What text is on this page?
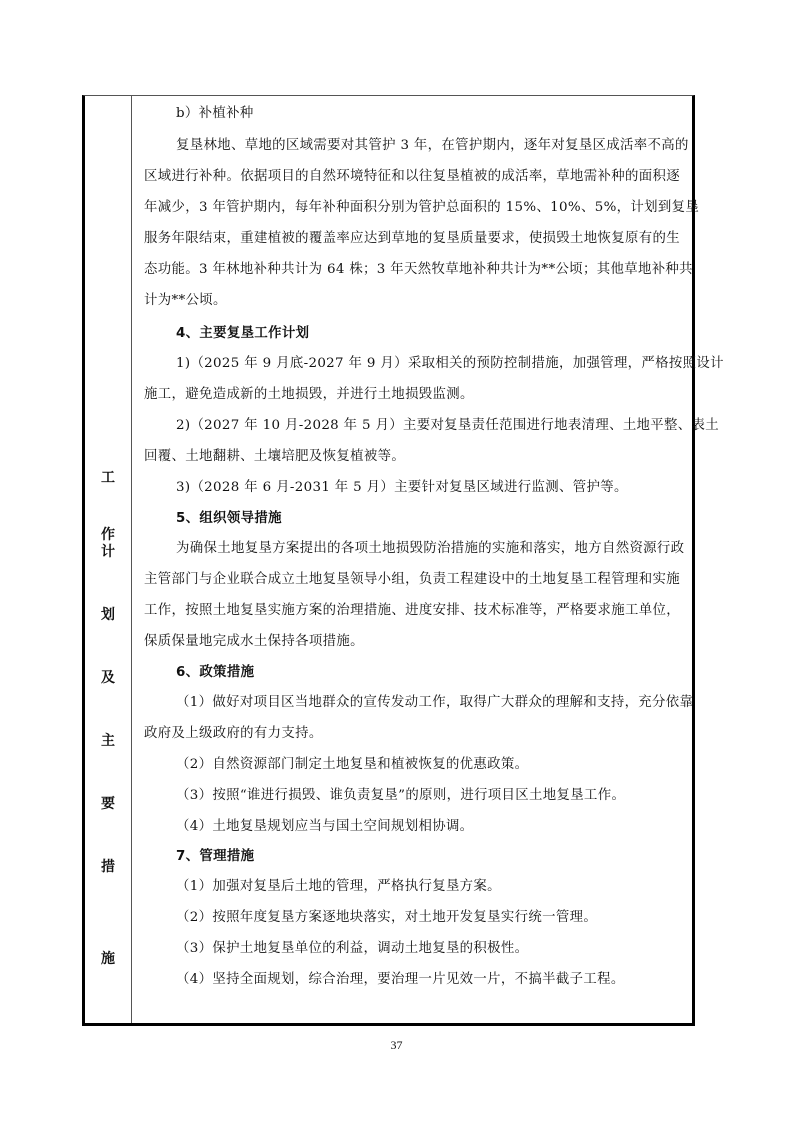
工
作
计
划
及
主
要
措
施
b）补植补种
复垦林地、草地的区域需要对其管护 3 年，在管护期内，逐年对复垦区成活率不高的
区域进行补种。依据项目的自然环境特征和以往复垦植被的成活率，草地需补种的面积逐
年减少，3 年管护期内，每年补种面积分别为管护总面积的 15%、10%、5%，计划到复垦
服务年限结束，重建植被的覆盖率应达到草地的复垦质量要求，使损毁土地恢复原有的生
态功能。3 年林地补种共计为 64 株；3 年天然牧草地补种共计为**公顷；其他草地补种共
计为**公顷。
4、主要复垦工作计划
1)（2025 年 9 月底-2027 年 9 月）采取相关的预防控制措施，加强管理，严格按照设计
施工，避免造成新的土地损毁，并进行土地损毁监测。
2)（2027 年 10 月-2028 年 5 月）主要对复垦责任范围进行地表清理、土地平整、表土
回覆、土地翻耕、土壤培肥及恢复植被等。
3)（2028 年 6 月-2031 年 5 月）主要针对复垦区域进行监测、管护等。
5、组织领导措施
为确保土地复垦方案提出的各项土地损毁防治措施的实施和落实，地方自然资源行政
主管部门与企业联合成立土地复垦领导小组，负责工程建设中的土地复垦工程管理和实施
工作，按照土地复垦实施方案的治理措施、进度安排、技术标准等，严格要求施工单位，
保质保量地完成水土保持各项措施。
6、政策措施
（1）做好对项目区当地群众的宣传发动工作，取得广大群众的理解和支持，充分依靠
政府及上级政府的有力支持。
（2）自然资源部门制定土地复垦和植被恢复的优惠政策。
（3）按照“谁进行损毁、谁负责复垦”的原则，进行项目区土地复垦工作。
（4）土地复垦规划应当与国土空间规划相协调。
7、管理措施
（1）加强对复垦后土地的管理，严格执行复垦方案。
（2）按照年度复垦方案逐地块落实，对土地开发复垦实行统一管理。
（3）保护土地复垦单位的利益，调动土地复垦的积极性。
（4）坚持全面规划，综合治理，要治理一片见效一片，不搞半截子工程。
37
